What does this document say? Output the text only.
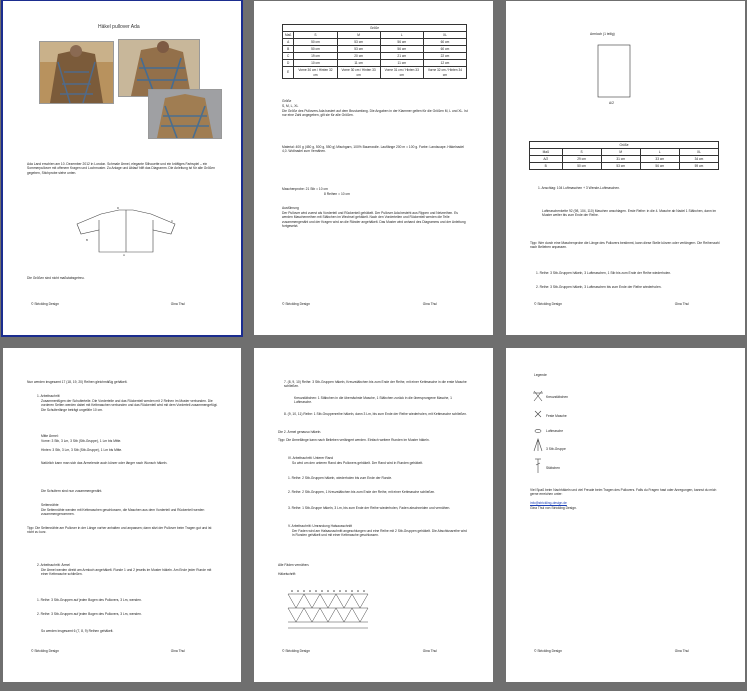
Häkel pullover Ada
Ada Land erschien am 10. Dezember 2012 in London. Schmale Ärmel, elegante Silhouette und ein kräftiges Farbspiel – ein Sommerpullover mit offenem Kragen und Lochmuster. Zu Anlage und Ablauf hilft das Diagramm. Die Anleitung ist für alle Größen gegeben, Stichprobe siehe unten.
D
C
A
B
Die Größen sind nicht maßstabsgetreu.
© Strickling Design	Gina Thul
Größe				
Maß	S	M	L	XL
A	50 cm	53 cm	56 cm	60 cm
B	50 cm	53 cm	56 cm	60 cm
C	19 cm	20 cm	21 cm	22 cm
D	10 cm	11 cm	11 cm	12 cm
E	Vorne 30 cm / Hinten 32 cm	Vorne 30 cm / Hinten 33 cm	Vorne 31 cm / Hinten 33 cm	Vorne 32 cm / Hinten 34 cm
Größe
S, M, L, XL
Die Größe des Pullovers Ada basiert auf dem Brustumfang. Die Angaben in der Klammer gelten für die Größen M, L und XL. Ist nur eine Zahl angegeben, gilt sie für alle Größen.
Material: 400 g (450 g, 500 g, 550 g) Mischgarn, 100% Baumwolle. Lauflänge 200 m = 100 g. Farbe: Landscape. Häkelnadel 4,0. Wollnadel zum Vernähen.
Maschenprobe: 21 Stb = 10 cm
8 Reihen = 10 cm
Ausführung
Der Pullover wird zuerst als Vorderteil und Rückenteil gehäkelt. Der Pullover Ada besteht aus Rippen und Netzreihen. Es werden Maschenreihen mit Stäbchen im Wechsel gehäkelt. Nach den Vorderteilen und Rückenteil werden die Teile zusammengenäht und der Kragen wird an die Ränder angehäkelt. Das Muster wird anhand des Diagramms und der Anleitung fortgesetzt.
© Strickling Design	Gina Thul
Armloch (1 teilig)
A/2
Größe				
Maß	S	M	L	XL
A/2	29 cm	31 cm	33 cm	34 cm
B	50 cm	53 cm	56 cm	59 cm
1. Anschlag: 104 Luftmaschen + 3 Wende-Luftmaschen.
Luftmaschenkette 92 (98, 104, 110) Maschen anschlagen. Erste Reihe: in die 4. Masche ab Nadel 1 Stäbchen, dann im Muster weiter bis zum Ende der Reihe.
Tipp: Wer durch eine Maschenprobe die Länge des Pullovers bestimmt, kann diese Stelle kürzen oder verlängern. Die Reihenzahl nach Belieben anpassen.
1. Reihe: 3 Stb-Gruppen häkeln, 3 Luftmaschen, 1 Stb bis zum Ende der Reihe wiederholen.
2. Reihe: 3 Stb-Gruppen häkeln, 3 Luftmaschen bis zum Ende der Reihe wiederholen.
© Strickling Design	Gina Thul
Nun werden insgesamt 17 (18, 19, 20) Reihen gleichmäßig gehäkelt.
1. Arbeitsschritt
Zusammenfügen der Schulterteile. Die Vorderteile und das Rückenteil werden mit 2 Reihen im Muster verbunden. Die vorderen Seiten werden dabei mit Kettmaschen verbunden und das Rückenteil wird mit dem Vorderteil zusammengefügt. Die Schulterlänge beträgt ungefähr 10 cm.
Mitte Ärmel:
Vorne: 3 Stb, 3 Lm, 3 Stb (Stb-Gruppe), 1 Lm bis Mitte.
Hinten: 3 Stb, 3 Lm, 3 Stb (Stb-Gruppe), 1 Lm bis Mitte.
Natürlich kann man sich das Ärmelende auch kürzer oder länger nach Wunsch häkeln.
Die Schultern sind nun zusammengenäht.
Seitennähte
Die Seitennähte werden mit Kettmaschen geschlossen, die Maschen aus dem Vorderteil und Rückenteil werden zusammengenommen.
Tipp: Die Seitennähte am Pullover in der Länge vorher anhalten und anpassen; dann sitzt der Pullover beim Tragen gut und ist nicht zu kurz.
2. Arbeitsschritt: Ärmel
Die Ärmel werden direkt am Armloch angehäkelt. Runde 1 und 2 jeweils im Muster häkeln. Am Ende jeder Runde mit einer Kettmasche schließen.
1. Reihe: 3 Stb-Gruppen auf jeden Bogen des Pullovers, 3 Lm, wenden.
2. Reihe: 3 Stb-Gruppen auf jeden Bogen des Pullovers, 3 Lm, wenden.
So werden insgesamt 6 (7, 8, 9) Reihen gehäkelt.
© Strickling Design	Gina Thul
7. (8, 9, 10) Reihe: 3 Stb-Gruppen häkeln, Kreuzstäbchen bis zum Ende der Reihe, mit einer Kettmasche in die erste Masche schließen.
Kreuzstäbchen: 1 Stäbchen in die übernächste Masche, 1 Stäbchen zurück in die übersprungene Masche, 1 Luftmasche.
8. (9, 10, 11) Reihe: 1 Stb-Gruppenreihe häkeln, dann 3 Lm, bis zum Ende der Reihe wiederholen, mit Kettmasche schließen.
Die 2. Ärmel genauso häkeln.
Tipp: Die Ärmellänge kann nach Belieben verlängert werden. Einfach weitere Runden im Muster häkeln.
IV. Arbeitsschritt: Unterer Rand
So wird um den unteren Rand des Pullovers gehäkelt. Der Rand wird in Runden gehäkelt.
1. Reihe: 2 Stb-Gruppen häkeln, wiederholen bis zum Ende der Runde.
2. Reihe: 2 Stb-Gruppen, 1 Kreuzstäbchen bis zum Ende der Reihe, mit einer Kettmasche schließen.
3. Reihe: 1 Stb-Gruppe häkeln, 3 Lm, bis zum Ende der Reihe wiederholen, Faden abschneiden und vernähen.
V. Arbeitsschritt: Umrandung Halsausschnitt
Der Faden wird am Halsausschnitt angeschlungen und eine Reihe mit 2 Stb-Gruppen gehäkelt. Die Abschlussreihe wird in Runden gehäkelt und mit einer Kettmasche geschlossen.
Alle Fäden vernähen.
Häkelschrift:
© Strickling Design	Gina Thul
Legende
Kreuzstäbchen
Feste Masche
Luftmasche
3 Stb-Gruppe
Stäbchen
Viel Spaß beim Nachhäkeln und viel Freude beim Tragen des Pullovers. Falls du Fragen hast oder Anregungen, kannst du mich gerne erreichen unter:
info@strickling-design.de
Gina Thul von Strickling Design.
© Strickling Design	Gina Thul
